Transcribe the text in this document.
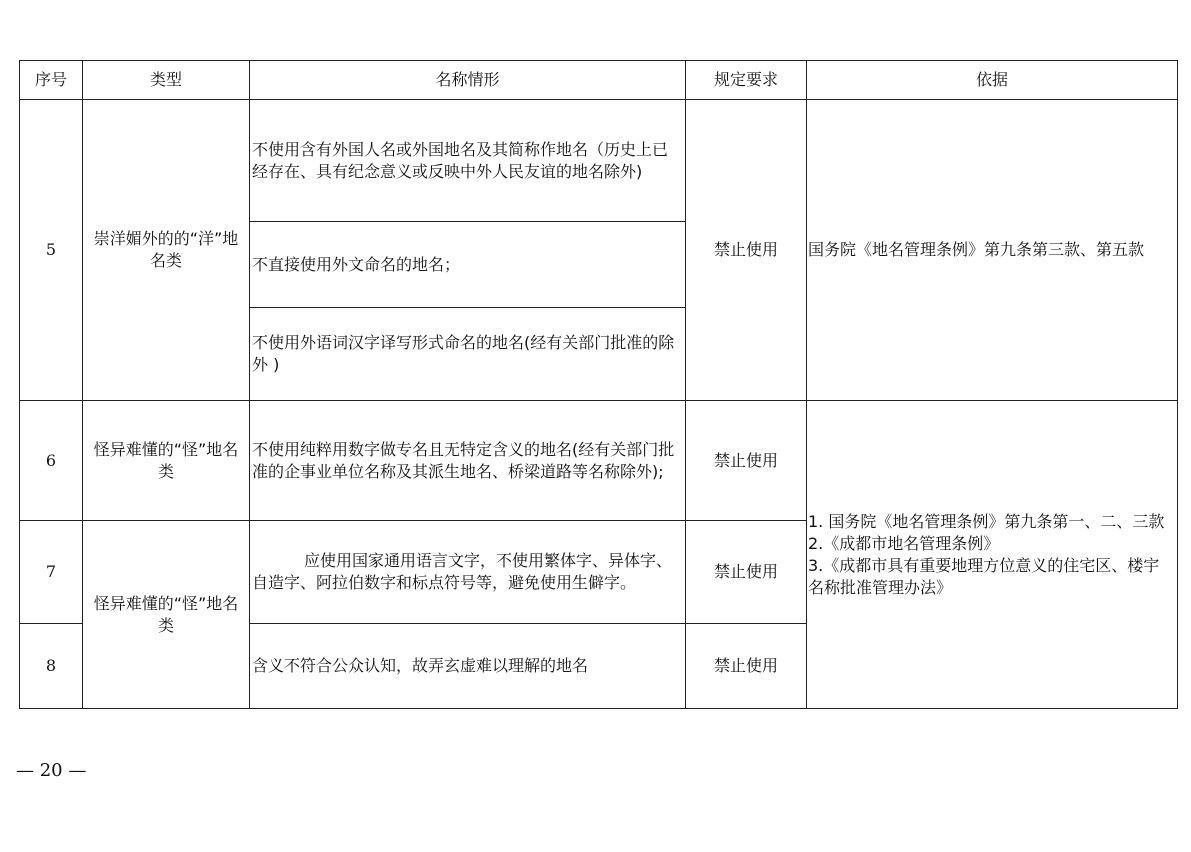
序号	类型	名称情形	规定要求	依据
5	崇洋媚外的的“洋”地名类	不使用含有外国人名或外国地名及其简称作地名（历史上已经存在、具有纪念意义或反映中外人民友谊的地名除外)	禁止使用	国务院《地名管理条例》第九条第三款、第五款
		不直接使用外文命名的地名；		
		不使用外语词汉字译写形式命名的地名(经有关部门批准的除外 )		
6	怪异难懂的“怪”地名类	不使用纯粹用数字做专名且无特定含义的地名(经有关部门批准的企事业单位名称及其派生地名、桥梁道路等名称除外);	禁止使用	1. 国务院《地名管理条例》第九条第一、二、三款
2.《成都市地名管理条例》
3.《成都市具有重要地理方位意义的住宅区、楼宇名称批准管理办法》

7	怪异难懂的“怪”地名类	应使用国家通用语言文字，不使用繁体字、异体字、自造字、阿拉伯数字和标点符号等，避免使用生僻字。	禁止使用	
8		含义不符合公众认知，故弄玄虚难以理解的地名	禁止使用	
— 20 —
